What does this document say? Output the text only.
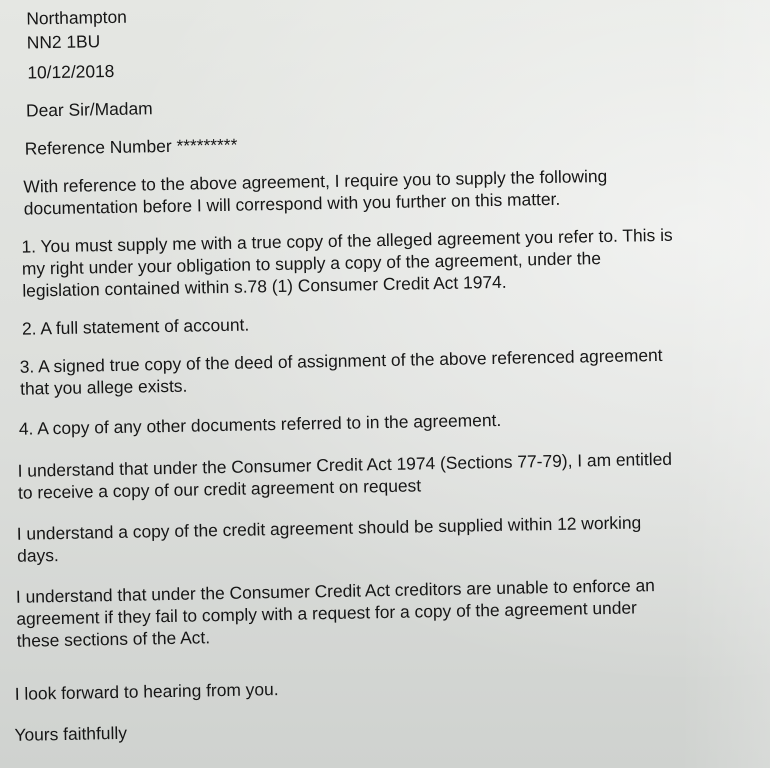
Northampton
NN2 1BU
10/12/2018
Dear Sir/Madam
Reference Number *********
With reference to the above agreement, I require you to supply the following
documentation before I will correspond with you further on this matter.
1. You must supply me with a true copy of the alleged agreement you refer to. This is
my right under your obligation to supply a copy of the agreement, under the
legislation contained within s.78 (1) Consumer Credit Act 1974.
2. A full statement of account.
3. A signed true copy of the deed of assignment of the above referenced agreement
that you allege exists.
4. A copy of any other documents referred to in the agreement.
I understand that under the Consumer Credit Act 1974 (Sections 77-79), I am entitled
to receive a copy of our credit agreement on request
I understand a copy of the credit agreement should be supplied within 12 working
days.
I understand that under the Consumer Credit Act creditors are unable to enforce an
agreement if they fail to comply with a request for a copy of the agreement under
these sections of the Act.
I look forward to hearing from you.
Yours faithfully
